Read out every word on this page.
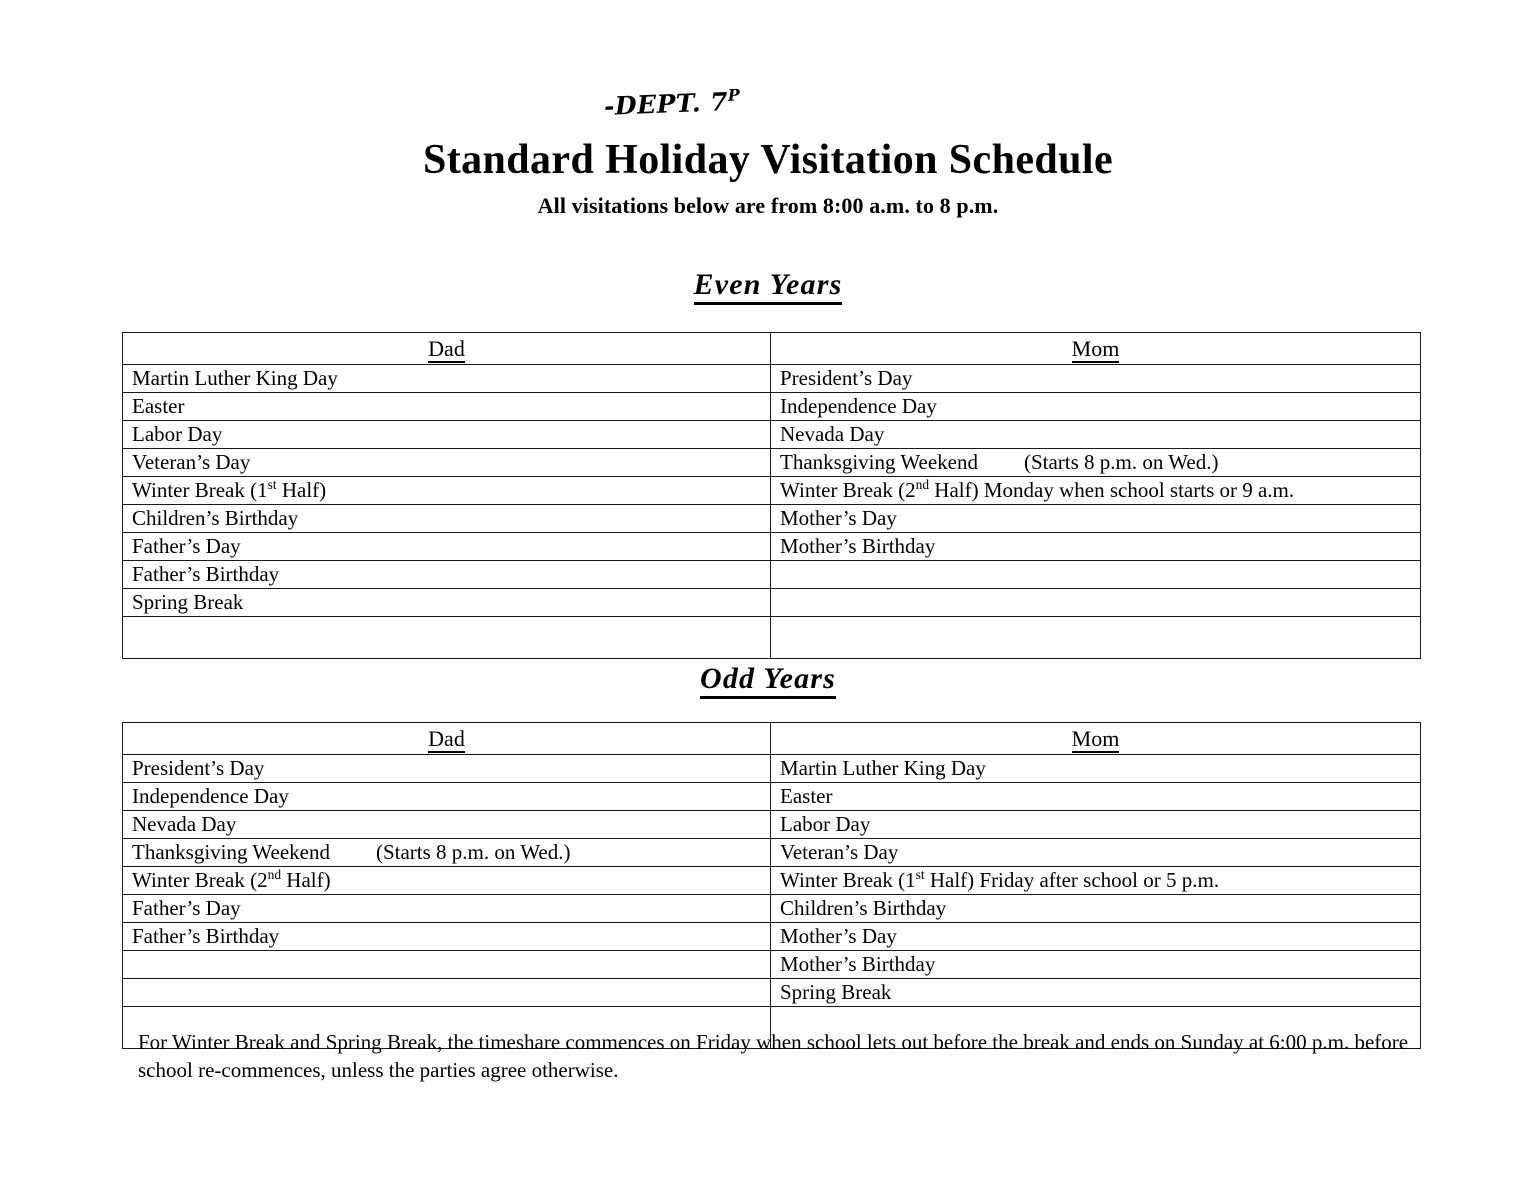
-DEPT. $7^P$
Standard Holiday Visitation Schedule
All visitations below are from 8:00 a.m. to 8 p.m.
Even Years
Dad	Mom
Martin Luther King Day	President’s Day
Easter	Independence Day
Labor Day	Nevada Day
Veteran’s Day	Thanksgiving Weekend (Starts 8 p.m. on Wed.)
Winter Break (1st Half)	Winter Break (2nd Half) Monday when school starts or 9 a.m.
Children’s Birthday	Mother’s Day
Father’s Day	Mother’s Birthday
Father’s Birthday	
Spring Break	

Odd Years
Dad	Mom
President’s Day	Martin Luther King Day
Independence Day	Easter
Nevada Day	Labor Day
Thanksgiving Weekend (Starts 8 p.m. on Wed.)	Veteran’s Day
Winter Break (2nd Half)	Winter Break (1st Half) Friday after school or 5 p.m.
Father’s Day	Children’s Birthday
Father’s Birthday	Mother’s Day
	Mother’s Birthday
	Spring Break

For Winter Break and Spring Break, the timeshare commences on Friday when school lets out before the break and ends on Sunday at 6:00 p.m. before school re-commences, unless the parties agree otherwise.
